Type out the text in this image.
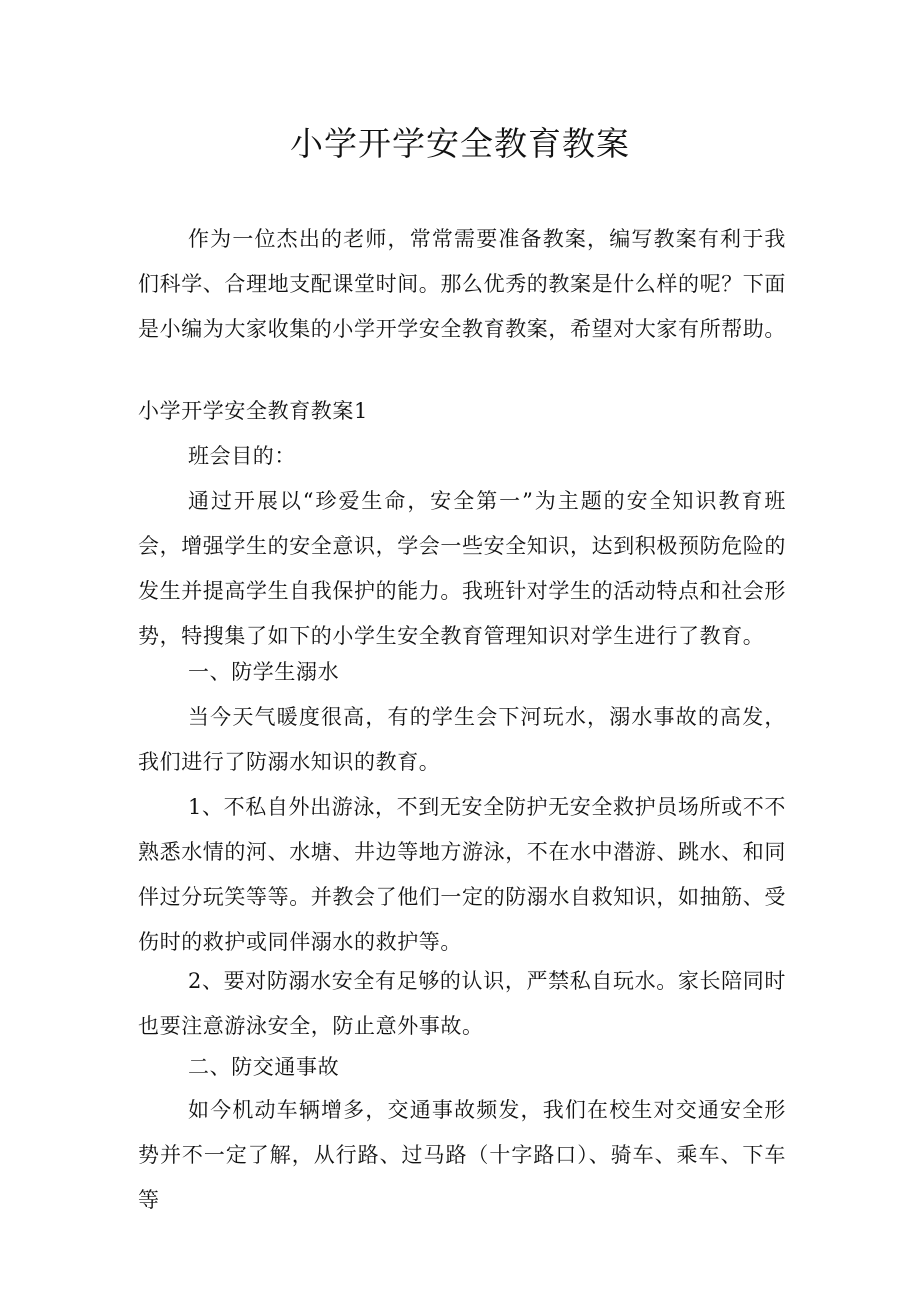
小学开学安全教育教案

作为一位杰出的老师，常常需要准备教案，编写教案有利于我们科学、合理地支配课堂时间。那么优秀的教案是什么样的呢？下面是小编为大家收集的小学开学安全教育教案，希望对大家有所帮助。

小学开学安全教育教案1

班会目的：

通过开展以“珍爱生命，安全第一”为主题的安全知识教育班会，增强学生的安全意识，学会一些安全知识，达到积极预防危险的发生并提高学生自我保护的能力。我班针对学生的活动特点和社会形势，特搜集了如下的小学生安全教育管理知识对学生进行了教育。

一、防学生溺水

当今天气暖度很高，有的学生会下河玩水，溺水事故的高发，我们进行了防溺水知识的教育。

1、不私自外出游泳，不到无安全防护无安全救护员场所或不不熟悉水情的河、水塘、井边等地方游泳，不在水中潜游、跳水、和同伴过分玩笑等等。并教会了他们一定的防溺水自救知识，如抽筋、受伤时的救护或同伴溺水的救护等。

2、要对防溺水安全有足够的认识，严禁私自玩水。家长陪同时也要注意游泳安全，防止意外事故。

二、防交通事故

如今机动车辆增多，交通事故频发，我们在校生对交通安全形势并不一定了解，从行路、过马路（十字路口）、骑车、乘车、下车等
